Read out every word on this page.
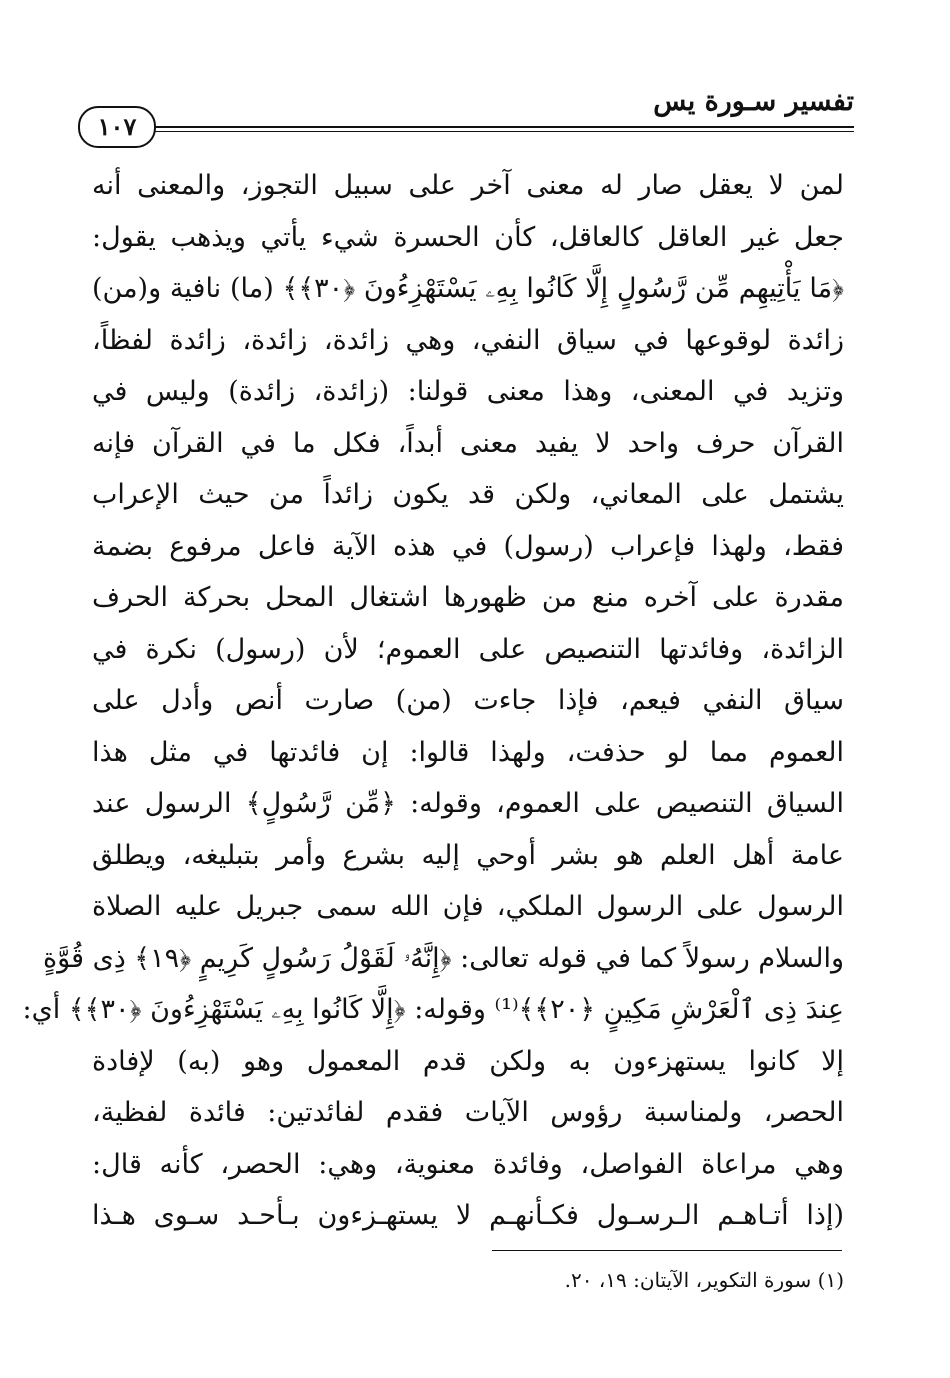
تفسير سـورة يس
١٠٧
لمن لا يعقل صار له معنى آخر على سبيل التجوز، والمعنى أنه
جعل غير العاقل كالعاقل، كأن الحسرة شيء يأتي ويذهب يقول:
﴿مَا يَأْتِيهِم مِّن رَّسُولٍ إِلَّا كَانُوا بِهِۦ يَسْتَهْزِءُونَ ﴿٣٠﴾﴾ (ما) نافية و(من)
زائدة لوقوعها في سياق النفي، وهي زائدة، زائدة، زائدة لفظاً،
وتزيد في المعنى، وهذا معنى قولنا: (زائدة، زائدة) وليس في
القرآن حرف واحد لا يفيد معنى أبداً، فكل ما في القرآن فإنه
يشتمل على المعاني، ولكن قد يكون زائداً من حيث الإعراب
فقط، ولهذا فإعراب (رسول) في هذه الآية فاعل مرفوع بضمة
مقدرة على آخره منع من ظهورها اشتغال المحل بحركة الحرف
الزائدة، وفائدتها التنصيص على العموم؛ لأن (رسول) نكرة في
سياق النفي فيعم، فإذا جاءت (من) صارت أنص وأدل على
العموم مما لو حذفت، ولهذا قالوا: إن فائدتها في مثل هذا
السياق التنصيص على العموم، وقوله: ﴿مِّن رَّسُولٍ﴾ الرسول عند
عامة أهل العلم هو بشر أوحي إليه بشرع وأمر بتبليغه، ويطلق
الرسول على الرسول الملكي، فإن الله سمى جبريل عليه الصلاة
والسلام رسولاً كما في قوله تعالى: ﴿إِنَّهُۥ لَقَوْلُ رَسُولٍ كَرِيمٍ ﴿١٩﴾ ذِى قُوَّةٍ
عِندَ ذِى ٱلْعَرْشِ مَكِينٍ ﴿٢٠﴾﴾⁽¹⁾ وقوله: ﴿إِلَّا كَانُوا بِهِۦ يَسْتَهْزِءُونَ ﴿٣٠﴾﴾ أي:
إلا كانوا يستهزءون به ولكن قدم المعمول وهو (به) لإفادة
الحصر، ولمناسبة رؤوس الآيات فقدم لفائدتين: فائدة لفظية،
وهي مراعاة الفواصل، وفائدة معنوية، وهي: الحصر، كأنه قال:
(إذا أتـاهـم الـرسـول فكـأنهـم لا يستهـزءون بـأحـد سـوى هـذا
(١) سورة التكوير، الآيتان: ١٩، ٢٠.
